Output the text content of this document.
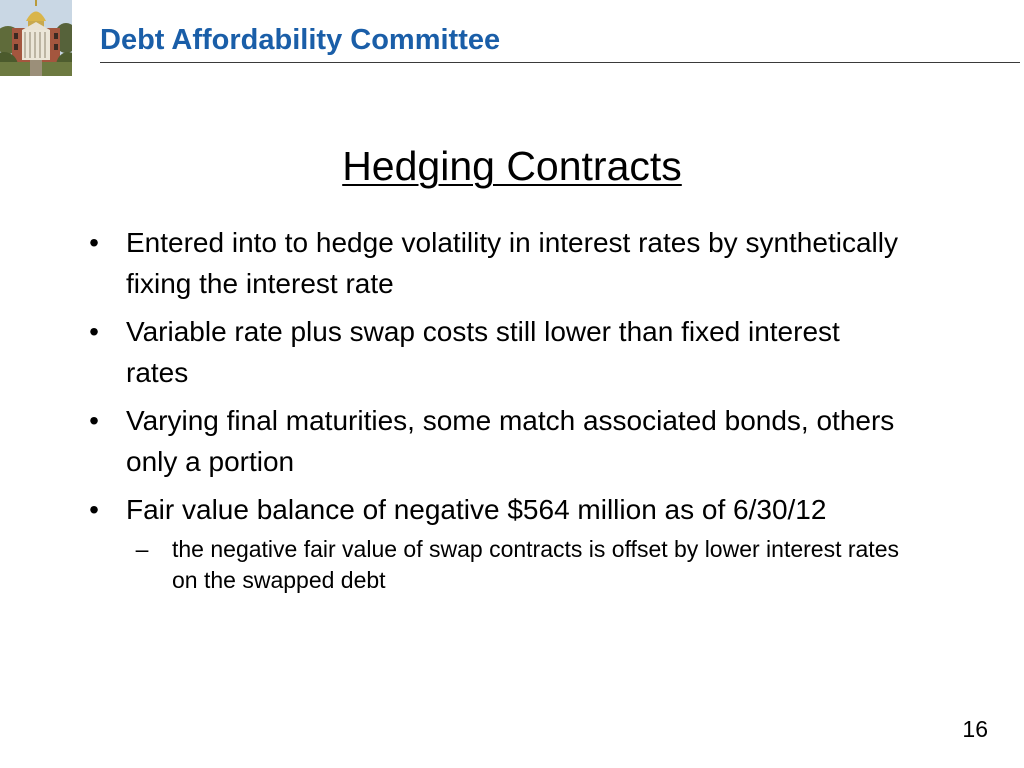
Debt Affordability Committee
Hedging Contracts
• Entered into to hedge volatility in interest rates by synthetically fixing the interest rate
• Variable rate plus swap costs still lower than fixed interest rates
• Varying final maturities, some match associated bonds, others only a portion
• Fair value balance of negative $564 million as of 6/30/12
– the negative fair value of swap contracts is offset by lower interest rates on the swapped debt
16
